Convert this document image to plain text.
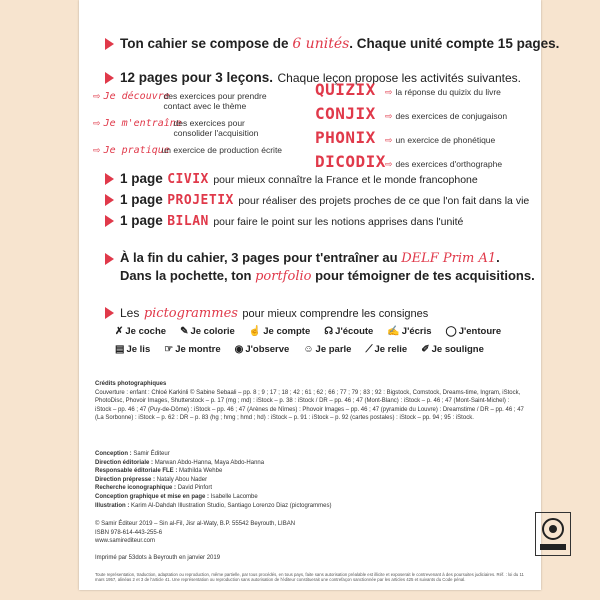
Ton cahier se compose de 6 unités. Chaque unité compte 15 pages.
12 pages pour 3 leçons. Chaque leçon propose les activités suivantes.
⇨ Je découvre
des exercices pour prendre contact avec le thème
⇨ Je m'entraîne
des exercices pour consolider l'acquisition
⇨ Je pratique
un exercice de production écrite
QUIZIX ⇨ la réponse du quizix du livre
CONJIX ⇨ des exercices de conjugaison
PHONIX ⇨ un exercice de phonétique
DICODIX⇨ des exercices d'orthographe
1 page CIVIX pour mieux connaître la France et le monde francophone
1 page PROJETIX pour réaliser des projets proches de ce que l'on fait dans la vie
1 page BILAN pour faire le point sur les notions apprises dans l'unité
À la fin du cahier, 3 pages pour t'entraîner au DELF Prim A1.
Dans la pochette, ton portfolio pour témoigner de tes acquisitions.
Les pictogrammes pour mieux comprendre les consignes
✗ Je coche ✎ Je colorie ☝ Je compte ☊ J'écoute ✍ J'écris ◯ J'entoure
▤ Je lis ☞ Je montre ◉ J'observe ☺ Je parle ⟋ Je relie ✐ Je souligne
Crédits photographiques
Couverture : enfant : Chloé Karkinli © Sabine Sebaali – pp. 8 ; 9 ; 17 ; 18 ; 42 ; 61 ; 62 ; 66 ; 77 ; 79 ; 83 ; 92 : Bigstock, Comstock, Dreams-time, Ingram, iStock, PhotoDisc, Phovoir Images, Shutterstock – p. 17 (mg ; md) : iStock – p. 38 : iStock / DR – pp. 46 ; 47 (Mont-Blanc) : iStock – p. 46 ; 47 (Mont-Saint-Michel) : iStock – pp. 46 ; 47 (Puy-de-Dôme) : iStock – pp. 46 ; 47 (Arènes de Nîmes) : Phovoir Images – pp. 46 ; 47 (pyramide du Louvre) : Dreamstime / DR – pp. 46 ; 47 (La Sorbonne) : iStock – p. 62 : DR – p. 83 (hg ; hmg ; hmd ; hd) : iStock – p. 91 : iStock – p. 92 (cartes postales) : iStock – pp. 94 ; 95 : iStock.
Conception : Samir Éditeur
Direction éditoriale : Marwan Abdo-Hanna, Maya Abdo-Hanna
Responsable éditoriale FLE : Mathilda Wehbe
Direction prépresse : Nataly Abou Nader
Recherche iconographique : David Pinfort
Conception graphique et mise en page : Isabelle Lacombe
Illustration : Karim Al-Dahdah Illustration Studio, Santiago Lorenzo Diaz (pictogrammes)
© Samir Éditeur 2019 – Sin al-Fil, Jisr al-Waty, B.P. 55542 Beyrouth, LIBAN
ISBN 978-614-443-255-6
www.samirediteur.com
Imprimé par 53dots à Beyrouth en janvier 2019
Toute représentation, traduction, adaptation ou reproduction, même partielle, par tous procédés, en tous pays, faite sans autorisation préalable est illicite et exposerait le contrevenant à des poursuites judiciaires. Réf. : loi du 11 mars 1957, alinéas 2 et 3 de l'article 41. Une représentation ou reproduction sans autorisation de l'éditeur constituerait une contrefaçon sanctionnée par les articles 425 et suivants du Code pénal.
